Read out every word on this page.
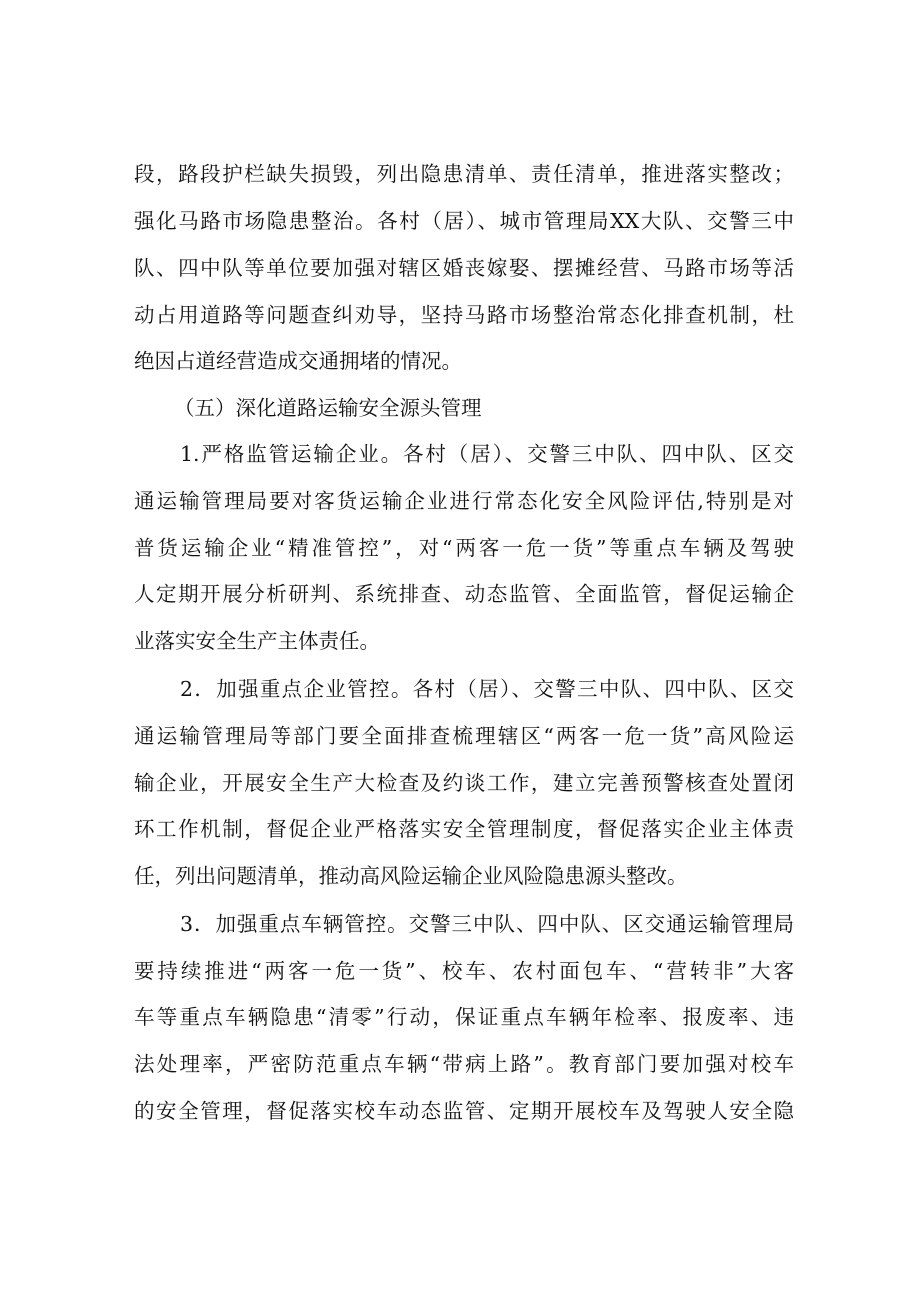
段，路段护栏缺失损毁，列出隐患清单、责任清单，推进落实整改；
强化马路市场隐患整治。各村（居）、城市管理局XX大队、交警三中
队、四中队等单位要加强对辖区婚丧嫁娶、摆摊经营、马路市场等活
动占用道路等问题查纠劝导，坚持马路市场整治常态化排查机制，杜
绝因占道经营造成交通拥堵的情况。
（五）深化道路运输安全源头管理
1.严格监管运输企业。各村（居）、交警三中队、四中队、区交
通运输管理局要对客货运输企业进行常态化安全风险评估,特别是对
普货运输企业“精准管控”，对“两客一危一货”等重点车辆及驾驶
人定期开展分析研判、系统排查、动态监管、全面监管，督促运输企
业落实安全生产主体责任。
2．加强重点企业管控。各村（居）、交警三中队、四中队、区交
通运输管理局等部门要全面排查梳理辖区“两客一危一货”高风险运
输企业，开展安全生产大检查及约谈工作，建立完善预警核查处置闭
环工作机制，督促企业严格落实安全管理制度，督促落实企业主体责
任，列出问题清单，推动高风险运输企业风险隐患源头整改。
3．加强重点车辆管控。交警三中队、四中队、区交通运输管理局
要持续推进“两客一危一货”、校车、农村面包车、“营转非”大客
车等重点车辆隐患“清零”行动，保证重点车辆年检率、报废率、违
法处理率，严密防范重点车辆“带病上路”。教育部门要加强对校车
的安全管理，督促落实校车动态监管、定期开展校车及驾驶人安全隐
